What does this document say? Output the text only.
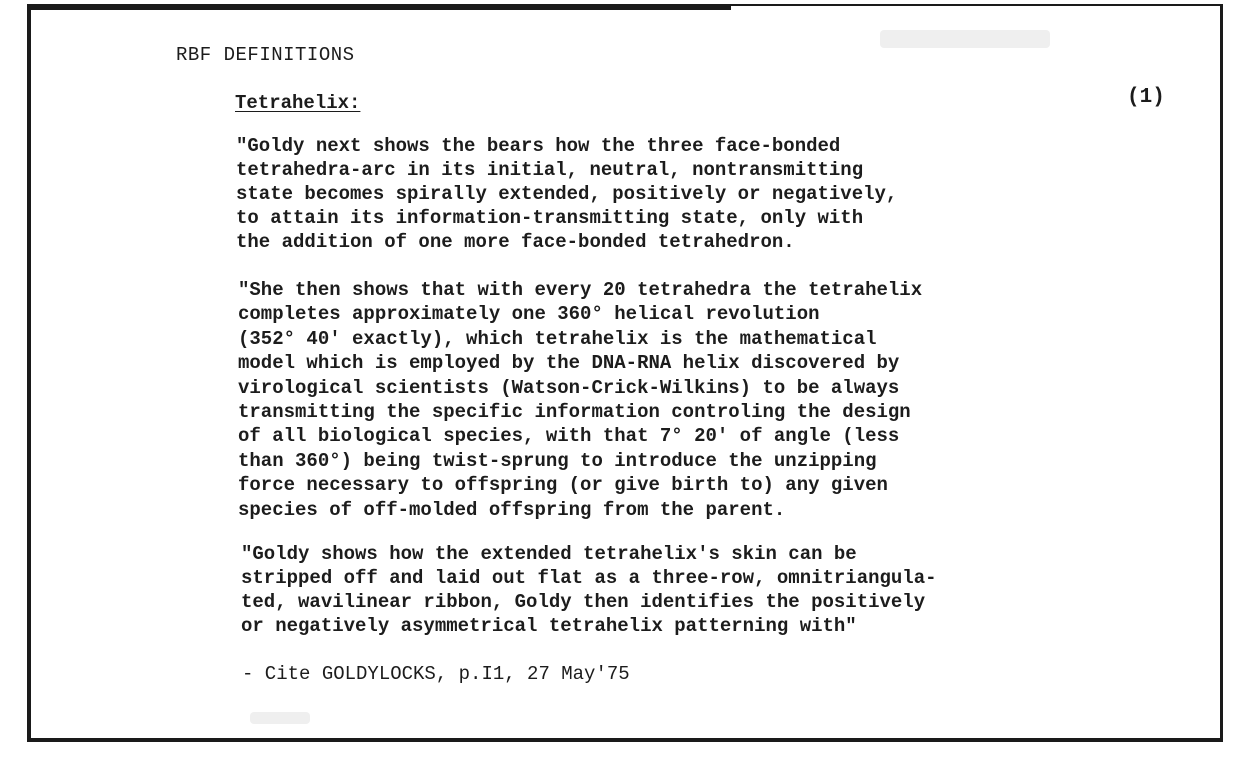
RBF DEFINITIONS
Tetrahelix:	(1)
"Goldy next shows the bears how the three face-bonded
tetrahedra-arc in its initial, neutral, nontransmitting
state becomes spirally extended, positively or negatively,
to attain its information-transmitting state, only with
the addition of one more face-bonded tetrahedron.
"She then shows that with every 20 tetrahedra the tetrahelix
completes approximately one 360° helical revolution
(352° 40' exactly), which tetrahelix is the mathematical
model which is employed by the DNA-RNA helix discovered by
virological scientists (Watson-Crick-Wilkins) to be always
transmitting the specific information controling the design
of all biological species, with that 7° 20' of angle (less
than 360°) being twist-sprung to introduce the unzipping
force necessary to offspring (or give birth to) any given
species of off-molded offspring from the parent.
"Goldy shows how the extended tetrahelix's skin can be
stripped off and laid out flat as a three-row, omnitriangula-
ted, wavilinear ribbon, Goldy then identifies the positively
or negatively asymmetrical tetrahelix patterning with"
- Cite GOLDYLOCKS, p.I1, 27 May'75
